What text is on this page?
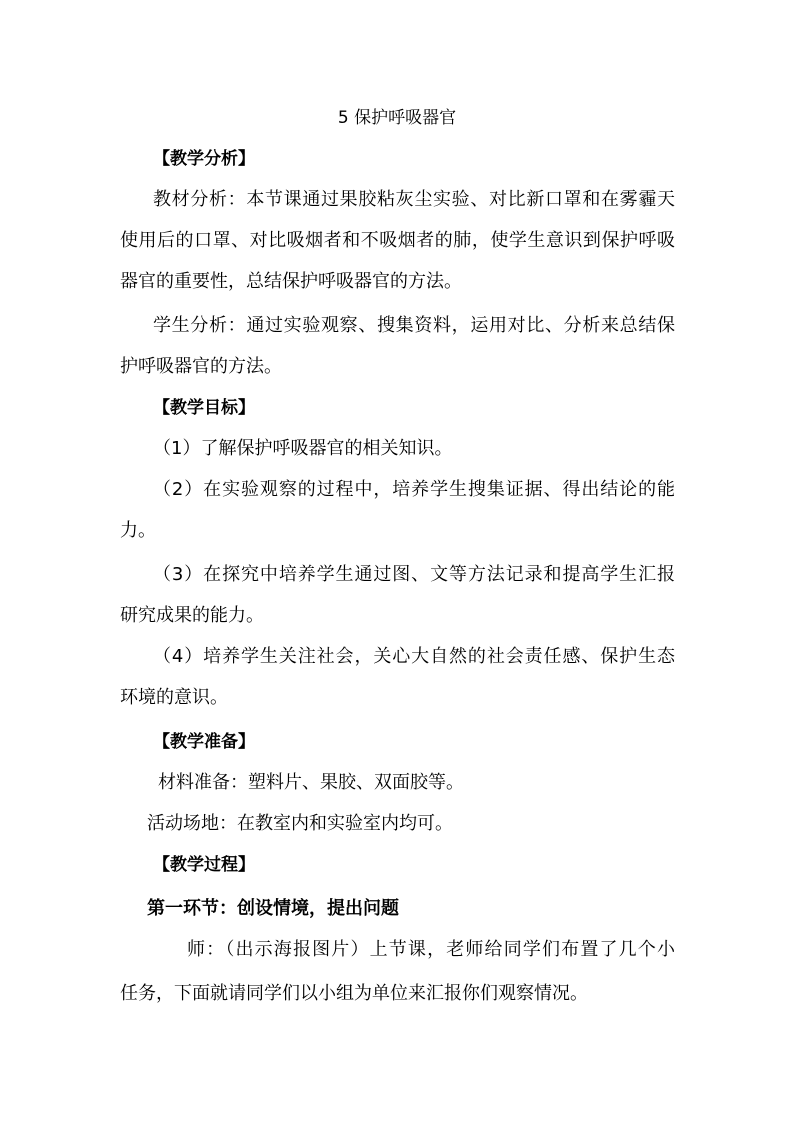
5 保护呼吸器官
【教学分析】
教材分析：本节课通过果胶粘灰尘实验、对比新口罩和在雾霾天
使用后的口罩、对比吸烟者和不吸烟者的肺，使学生意识到保护呼吸
器官的重要性，总结保护呼吸器官的方法。
学生分析：通过实验观察、搜集资料，运用对比、分析来总结保
护呼吸器官的方法。
【教学目标】
（1）了解保护呼吸器官的相关知识。
（2）在实验观察的过程中，培养学生搜集证据、得出结论的能
力。
（3）在探究中培养学生通过图、文等方法记录和提高学生汇报
研究成果的能力。
（4）培养学生关注社会，关心大自然的社会责任感、保护生态
环境的意识。
【教学准备】
材料准备：塑料片、果胶、双面胶等。
活动场地：在教室内和实验室内均可。
【教学过程】
第一环节：创设情境，提出问题
师：（出示海报图片）上节课，老师给同学们布置了几个小
任务，下面就请同学们以小组为单位来汇报你们观察情况。
